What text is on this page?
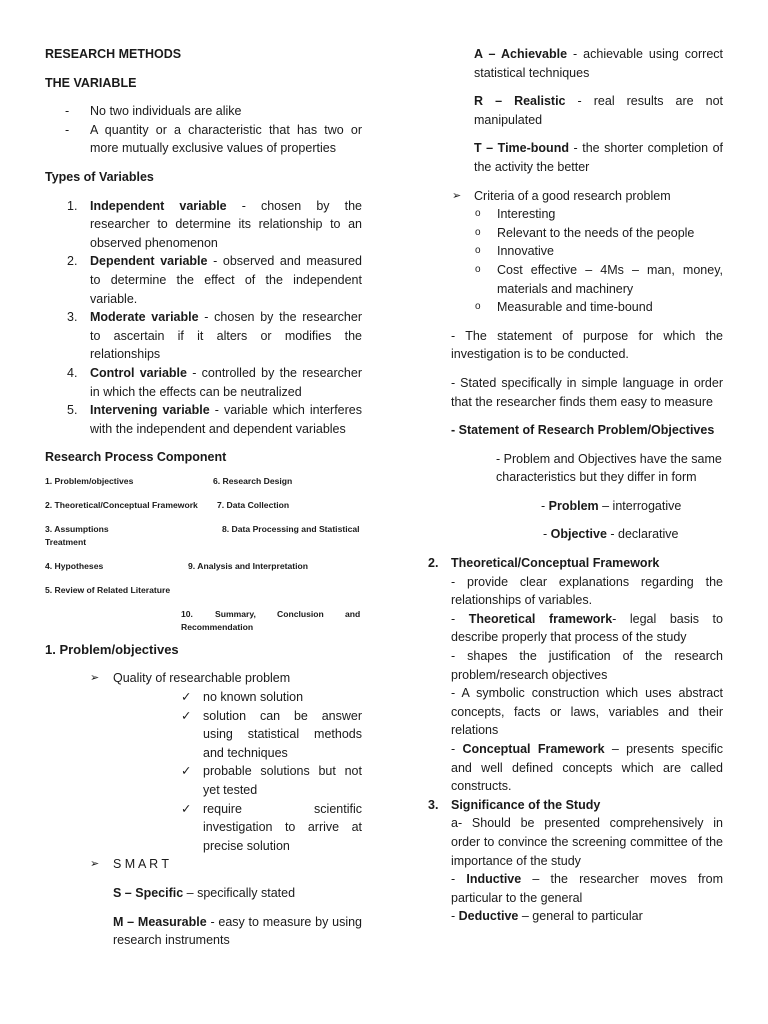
RESEARCH METHODS

THE VARIABLE

- No two individuals are alike
- A quantity or a characteristic that has two or more mutually exclusive values of properties

Types of Variables

1. Independent variable - chosen by the researcher to determine its relationship to an observed phenomenon
2. Dependent variable - observed and measured to determine the effect of the independent variable.
3. Moderate variable - chosen by the researcher to ascertain if it alters or modifies the relationships
4. Control variable - controlled by the researcher in which the effects can be neutralized
5. Intervening variable - variable which interferes with the independent and dependent variables

Research Process Component

1. Problem/objectives	6. Research Design
2. Theoretical/Conceptual Framework 7. Data Collection
3. Assumptions	8. Data Processing and Statistical
Treatment
4. Hypotheses	9. Analysis and Interpretation
5. Review of Related Literature
10.	Summary, Conclusion and
Recommendation

1. Problem/objectives

➢ Quality of researchable problem
✓ no known solution
✓ solution can be answer using statistical methods and techniques
✓ probable solutions but not yet tested
✓ require scientific investigation to arrive at precise solution
➢ S M A R T

S – Specific – specifically stated

M – Measurable - easy to measure by using research instruments

A – Achievable - achievable using correct statistical techniques

R – Realistic - real results are not manipulated

T – Time-bound - the shorter completion of the activity the better

➢ Criteria of a good research problem
o Interesting
o Relevant to the needs of the people
o Innovative
o Cost effective – 4Ms – man, money, materials and machinery
o Measurable and time-bound

- The statement of purpose for which the investigation is to be conducted.

- Stated specifically in simple language in order that the researcher finds them easy to measure

- Statement of Research Problem/Objectives

- Problem and Objectives have the same characteristics but they differ in form

- Problem – interrogative

- Objective - declarative

2. Theoretical/Conceptual Framework

- provide clear explanations regarding the relationships of variables.

- Theoretical framework- legal basis to describe properly that process of the study

- shapes the justification of the research problem/research objectives

- A symbolic construction which uses abstract concepts, facts or laws, variables and their relations

- Conceptual Framework – presents specific and well defined concepts which are called constructs.

3. Significance of the Study

a- Should be presented comprehensively in order to convince the screening committee of the importance of the study

- Inductive – the researcher moves from particular to the general

- Deductive – general to particular
